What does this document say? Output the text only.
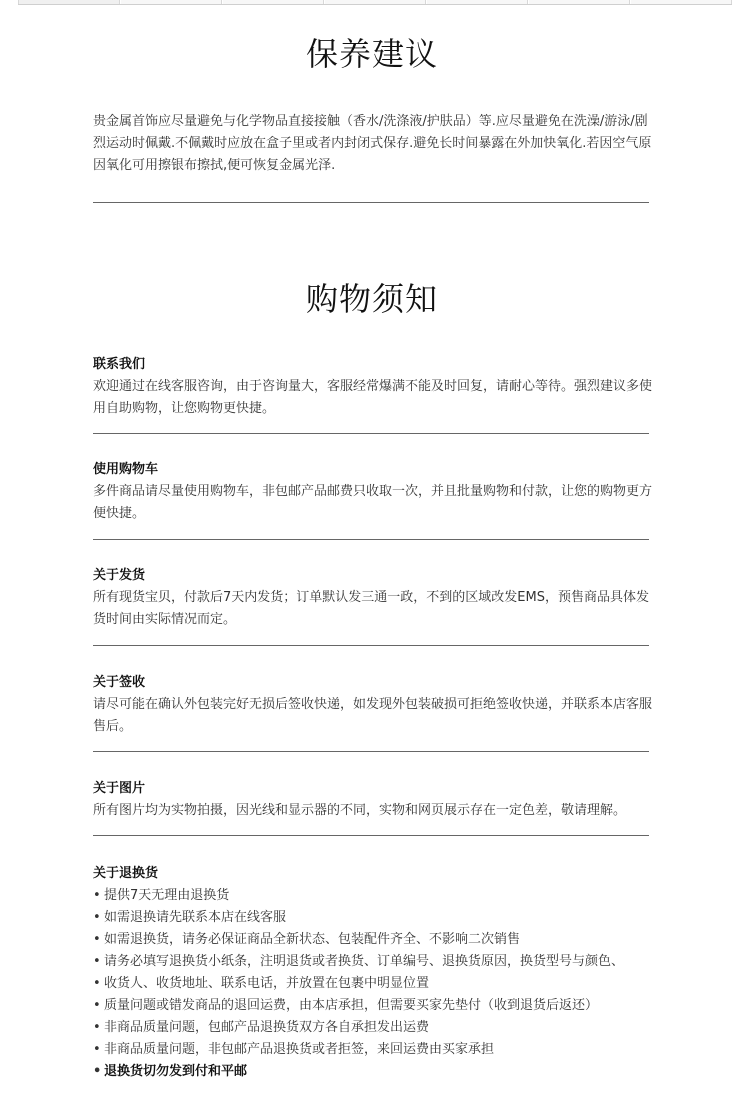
保养建议

贵金属首饰应尽量避免与化学物品直接接触（香水/洗涤液/护肤品）等.应尽量避免在洗澡/游泳/剧烈运动时佩戴.不佩戴时应放在盒子里或者内封闭式保存.避免长时间暴露在外加快氧化.若因空气原因氧化可用擦银布擦拭,便可恢复金属光泽.

购物须知

联系我们

欢迎通过在线客服咨询，由于咨询量大，客服经常爆满不能及时回复，请耐心等待。强烈建议多使用自助购物，让您购物更快捷。

使用购物车

多件商品请尽量使用购物车，非包邮产品邮费只收取一次，并且批量购物和付款，让您的购物更方便快捷。

关于发货

所有现货宝贝，付款后7天内发货；订单默认发三通一政，不到的区域改发EMS，预售商品具体发货时间由实际情况而定。

关于签收

请尽可能在确认外包装完好无损后签收快递，如发现外包装破损可拒绝签收快递，并联系本店客服售后。

关于图片

所有图片均为实物拍摄，因光线和显示器的不同，实物和网页展示存在一定色差，敬请理解。

关于退换货

• 提供7天无理由退换货
• 如需退换请先联系本店在线客服
• 如需退换货，请务必保证商品全新状态、包装配件齐全、不影响二次销售
• 请务必填写退换货小纸条，注明退货或者换货、订单编号、退换货原因，换货型号与颜色、
• 收货人、收货地址、联系电话，并放置在包裹中明显位置
• 质量问题或错发商品的退回运费，由本店承担，但需要买家先垫付（收到退货后返还）
• 非商品质量问题，包邮产品退换货双方各自承担发出运费
• 非商品质量问题，非包邮产品退换货或者拒签，来回运费由买家承担
• 退换货切勿发到付和平邮
